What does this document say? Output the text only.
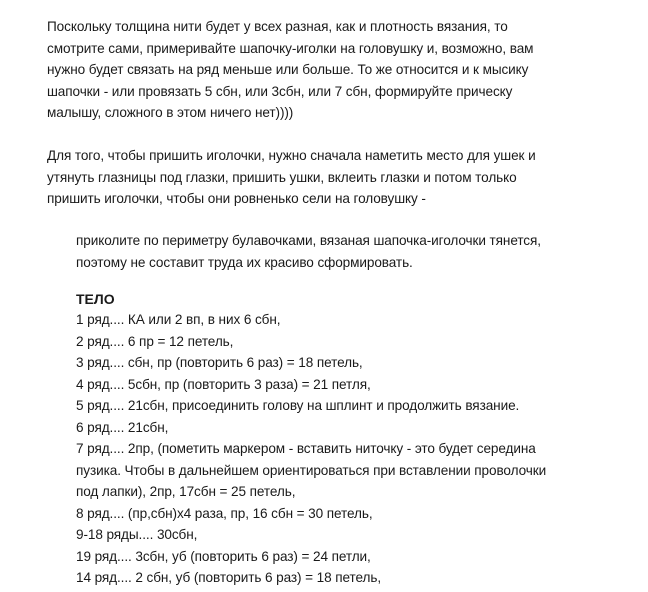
Поскольку толщина нити будет у всех разная, как и плотность вязания, то
смотрите сами, примеривайте шапочку-иголки на головушку и, возможно, вам
нужно будет связать на ряд меньше или больше. То же относится и к мысику
шапочки - или провязать 5 сбн, или 3сбн, или 7 сбн, формируйте прическу
малышу, сложного в этом ничего нет))))

Для того, чтобы пришить иголочки, нужно сначала наметить место для ушек и
утянуть глазницы под глазки, пришить ушки, вклеить глазки и потом только
пришить иголочки, чтобы они ровненько сели на головушку -

приколите по периметру булавочками, вязаная шапочка-иголочки тянется,
поэтому не составит труда их красиво сформировать.

ТЕЛО
1 ряд.... КА или 2 вп, в них 6 сбн,
2 ряд.... 6 пр = 12 петель,
3 ряд.... сбн, пр (повторить 6 раз) = 18 петель,
4 ряд.... 5сбн, пр (повторить 3 раза) = 21 петля,
5 ряд.... 21сбн, присоединить голову на шплинт и продолжить вязание.
6 ряд.... 21сбн,
7 ряд.... 2пр, (пометить маркером - вставить ниточку - это будет середина
пузика. Чтобы в дальнейшем ориентироваться при вставлении проволочки
под лапки), 2пр, 17сбн = 25 петель,
8 ряд.... (пр,сбн)х4 раза, пр, 16 сбн = 30 петель,
9-18 ряды.... 30сбн,
19 ряд.... 3сбн, уб (повторить 6 раз) = 24 петли,
14 ряд.... 2 сбн, уб (повторить 6 раз) = 18 петель,
